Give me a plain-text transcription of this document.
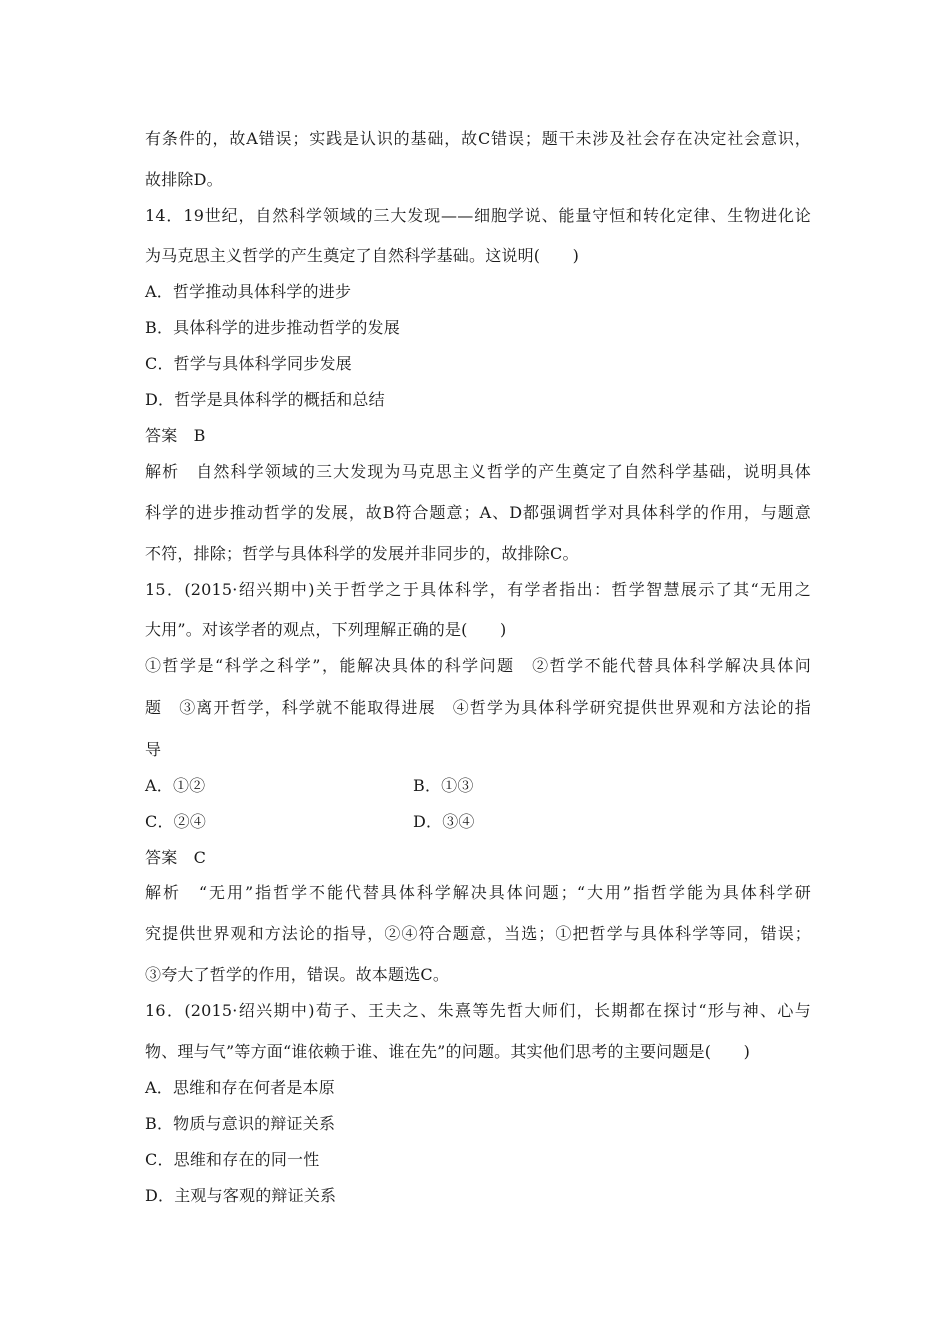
有条件的，故A错误；实践是认识的基础，故C错误；题干未涉及社会存在决定社会意识，
故排除D。
14．19世纪，自然科学领域的三大发现——细胞学说、能量守恒和转化定律、生物进化论
为马克思主义哲学的产生奠定了自然科学基础。这说明(　　)
A．哲学推动具体科学的进步
B．具体科学的进步推动哲学的发展
C．哲学与具体科学同步发展
D．哲学是具体科学的概括和总结
答案　B
解析　自然科学领域的三大发现为马克思主义哲学的产生奠定了自然科学基础，说明具体
科学的进步推动哲学的发展，故B符合题意；A、D都强调哲学对具体科学的作用，与题意
不符，排除；哲学与具体科学的发展并非同步的，故排除C。
15．(2015·绍兴期中)关于哲学之于具体科学，有学者指出：哲学智慧展示了其“无用之
大用”。对该学者的观点，下列理解正确的是(　　)
①哲学是“科学之科学”，能解决具体的科学问题　②哲学不能代替具体科学解决具体问
题　③离开哲学，科学就不能取得进展　④哲学为具体科学研究提供世界观和方法论的指
导
A．①②	B．①③
C．②④	D．③④
答案　C
解析　“无用”指哲学不能代替具体科学解决具体问题；“大用”指哲学能为具体科学研
究提供世界观和方法论的指导，②④符合题意，当选；①把哲学与具体科学等同，错误；
③夸大了哲学的作用，错误。故本题选C。
16．(2015·绍兴期中)荀子、王夫之、朱熹等先哲大师们，长期都在探讨“形与神、心与
物、理与气”等方面“谁依赖于谁、谁在先”的问题。其实他们思考的主要问题是(　　)
A．思维和存在何者是本原
B．物质与意识的辩证关系
C．思维和存在的同一性
D．主观与客观的辩证关系
